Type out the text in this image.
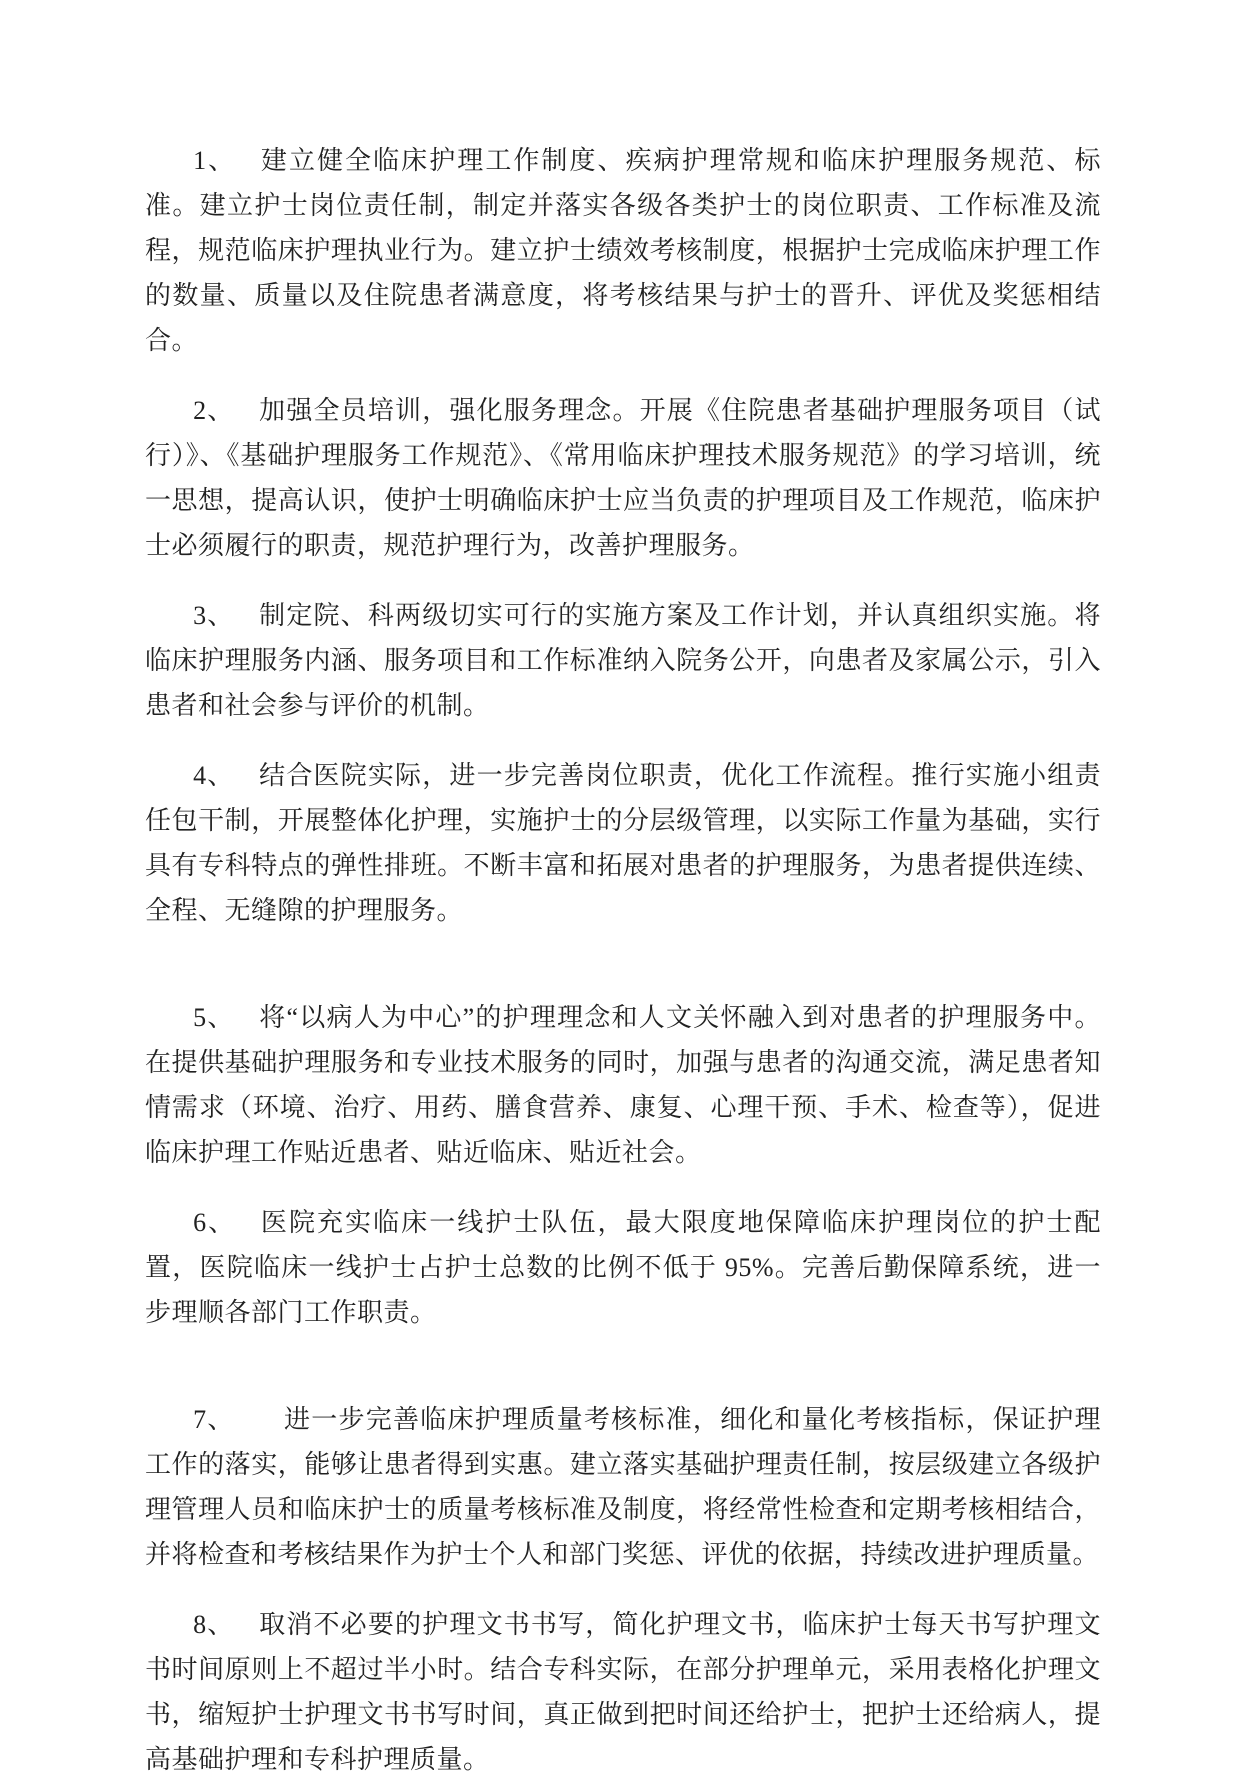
1、 建立健全临床护理工作制度、疾病护理常规和临床护理服务规范、标准。建立护士岗位责任制，制定并落实各级各类护士的岗位职责、工作标准及流程，规范临床护理执业行为。建立护士绩效考核制度，根据护士完成临床护理工作的数量、质量以及住院患者满意度，将考核结果与护士的晋升、评优及奖惩相结合。

2、 加强全员培训，强化服务理念。开展《住院患者基础护理服务项目（试行）》、《基础护理服务工作规范》、《常用临床护理技术服务规范》的学习培训，统一思想，提高认识，使护士明确临床护士应当负责的护理项目及工作规范，临床护士必须履行的职责，规范护理行为，改善护理服务。

3、 制定院、科两级切实可行的实施方案及工作计划，并认真组织实施。将临床护理服务内涵、服务项目和工作标准纳入院务公开，向患者及家属公示，引入患者和社会参与评价的机制。

4、 结合医院实际，进一步完善岗位职责，优化工作流程。推行实施小组责任包干制，开展整体化护理，实施护士的分层级管理，以实际工作量为基础，实行具有专科特点的弹性排班。不断丰富和拓展对患者的护理服务，为患者提供连续、全程、无缝隙的护理服务。

5、 将“以病人为中心”的护理理念和人文关怀融入到对患者的护理服务中。在提供基础护理服务和专业技术服务的同时，加强与患者的沟通交流，满足患者知情需求（环境、治疗、用药、膳食营养、康复、心理干预、手术、检查等），促进临床护理工作贴近患者、贴近临床、贴近社会。

6、 医院充实临床一线护士队伍，最大限度地保障临床护理岗位的护士配置，医院临床一线护士占护士总数的比例不低于 95%。完善后勤保障系统，进一步理顺各部门工作职责。

7、 进一步完善临床护理质量考核标准，细化和量化考核指标，保证护理工作的落实，能够让患者得到实惠。建立落实基础护理责任制，按层级建立各级护理管理人员和临床护士的质量考核标准及制度，将经常性检查和定期考核相结合，并将检查和考核结果作为护士个人和部门奖惩、评优的依据，持续改进护理质量。

8、 取消不必要的护理文书书写，简化护理文书，临床护士每天书写护理文书时间原则上不超过半小时。结合专科实际，在部分护理单元，采用表格化护理文书，缩短护士护理文书书写时间，真正做到把时间还给护士，把护士还给病人，提高基础护理和专科护理质量。
